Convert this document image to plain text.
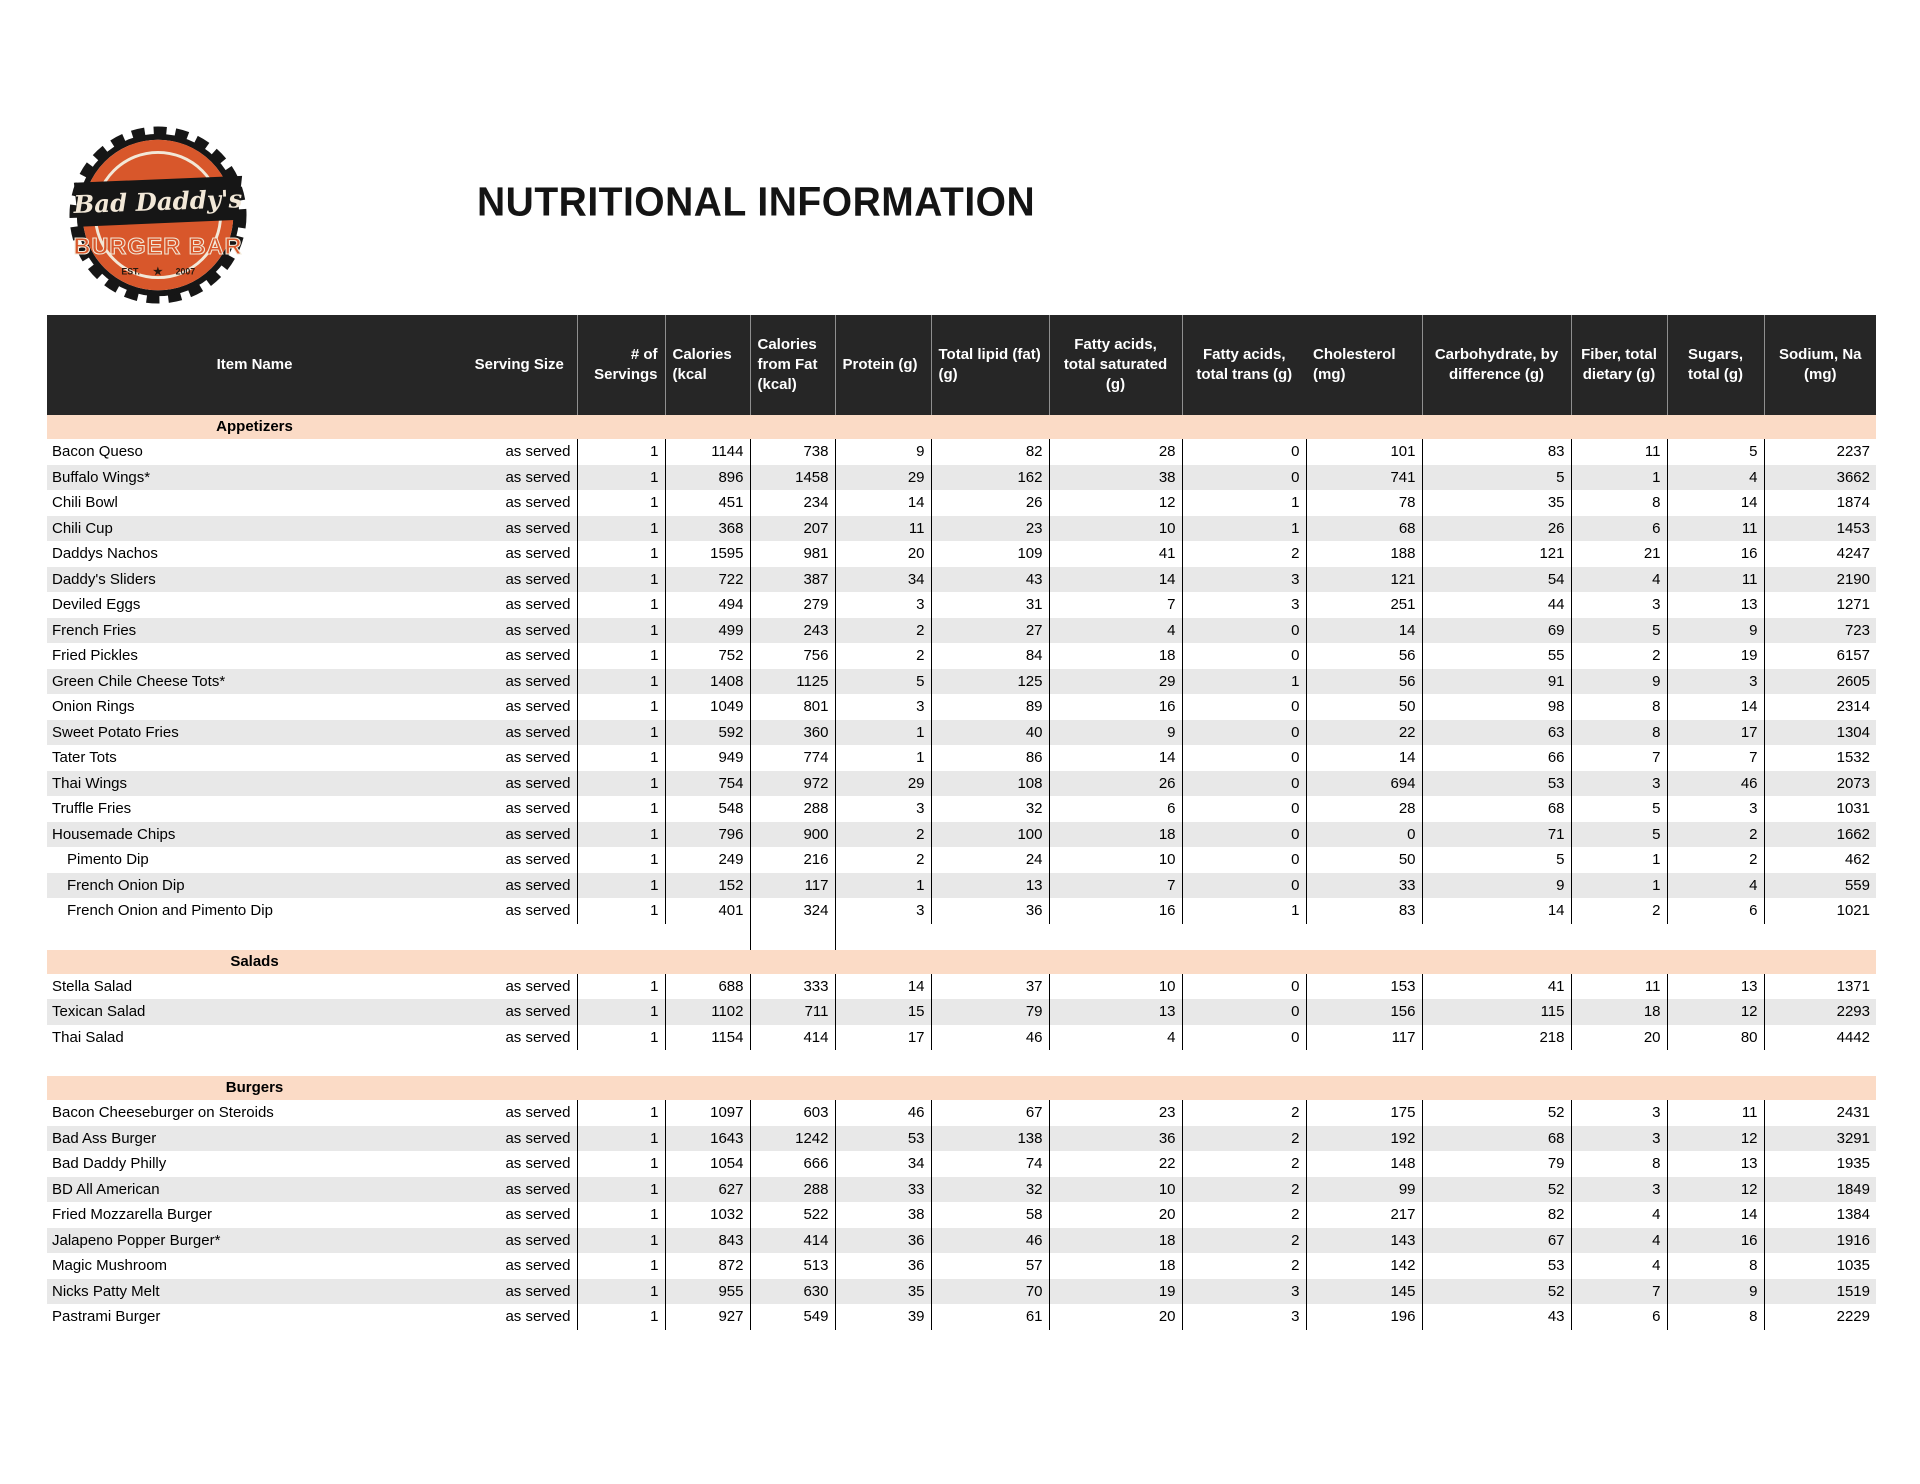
Bad Daddy's
BURGER BAR
EST. ★ 2007
NUTRITIONAL INFORMATION
Item Name	Serving Size	# of Servings	Calories (kcal	Calories from Fat (kcal)	Protein (g)	Total lipid (fat) (g)	Fatty acids, total saturated (g)	Fatty acids, total trans (g)	Cholesterol (mg)	Carbohydrate, by difference (g)	Fiber, total dietary (g)	Sugars, total (g)	Sodium, Na (mg)

Appetizers													

Bacon Queso	as served	1	1144	738	9	82	28	0	101	83	11	5	2237
Buffalo Wings*	as served	1	896	1458	29	162	38	0	741	5	1	4	3662
Chili Bowl	as served	1	451	234	14	26	12	1	78	35	8	14	1874
Chili Cup	as served	1	368	207	11	23	10	1	68	26	6	11	1453
Daddys Nachos	as served	1	1595	981	20	109	41	2	188	121	21	16	4247
Daddy's Sliders	as served	1	722	387	34	43	14	3	121	54	4	11	2190
Deviled Eggs	as served	1	494	279	3	31	7	3	251	44	3	13	1271
French Fries	as served	1	499	243	2	27	4	0	14	69	5	9	723
Fried Pickles	as served	1	752	756	2	84	18	0	56	55	2	19	6157
Green Chile Cheese Tots*	as served	1	1408	1125	5	125	29	1	56	91	9	3	2605
Onion Rings	as served	1	1049	801	3	89	16	0	50	98	8	14	2314
Sweet Potato Fries	as served	1	592	360	1	40	9	0	22	63	8	17	1304
Tater Tots	as served	1	949	774	1	86	14	0	14	66	7	7	1532
Thai Wings	as served	1	754	972	29	108	26	0	694	53	3	46	2073
Truffle Fries	as served	1	548	288	3	32	6	0	28	68	5	3	1031
Housemade Chips	as served	1	796	900	2	100	18	0	0	71	5	2	1662
Pimento Dip	as served	1	249	216	2	24	10	0	50	5	1	2	462
French Onion Dip	as served	1	152	117	1	13	7	0	33	9	1	4	559
French Onion and Pimento Dip	as served	1	401	324	3	36	16	1	83	14	2	6	1021

Salads													

Stella Salad	as served	1	688	333	14	37	10	0	153	41	11	13	1371
Texican Salad	as served	1	1102	711	15	79	13	0	156	115	18	12	2293
Thai Salad	as served	1	1154	414	17	46	4	0	117	218	20	80	4442

Burgers													

Bacon Cheeseburger on Steroids	as served	1	1097	603	46	67	23	2	175	52	3	11	2431
Bad Ass Burger	as served	1	1643	1242	53	138	36	2	192	68	3	12	3291
Bad Daddy Philly	as served	1	1054	666	34	74	22	2	148	79	8	13	1935
BD All American	as served	1	627	288	33	32	10	2	99	52	3	12	1849
Fried Mozzarella Burger	as served	1	1032	522	38	58	20	2	217	82	4	14	1384
Jalapeno Popper Burger*	as served	1	843	414	36	46	18	2	143	67	4	16	1916
Magic Mushroom	as served	1	872	513	36	57	18	2	142	53	4	8	1035
Nicks Patty Melt	as served	1	955	630	35	70	19	3	145	52	7	9	1519
Pastrami Burger	as served	1	927	549	39	61	20	3	196	43	6	8	2229
